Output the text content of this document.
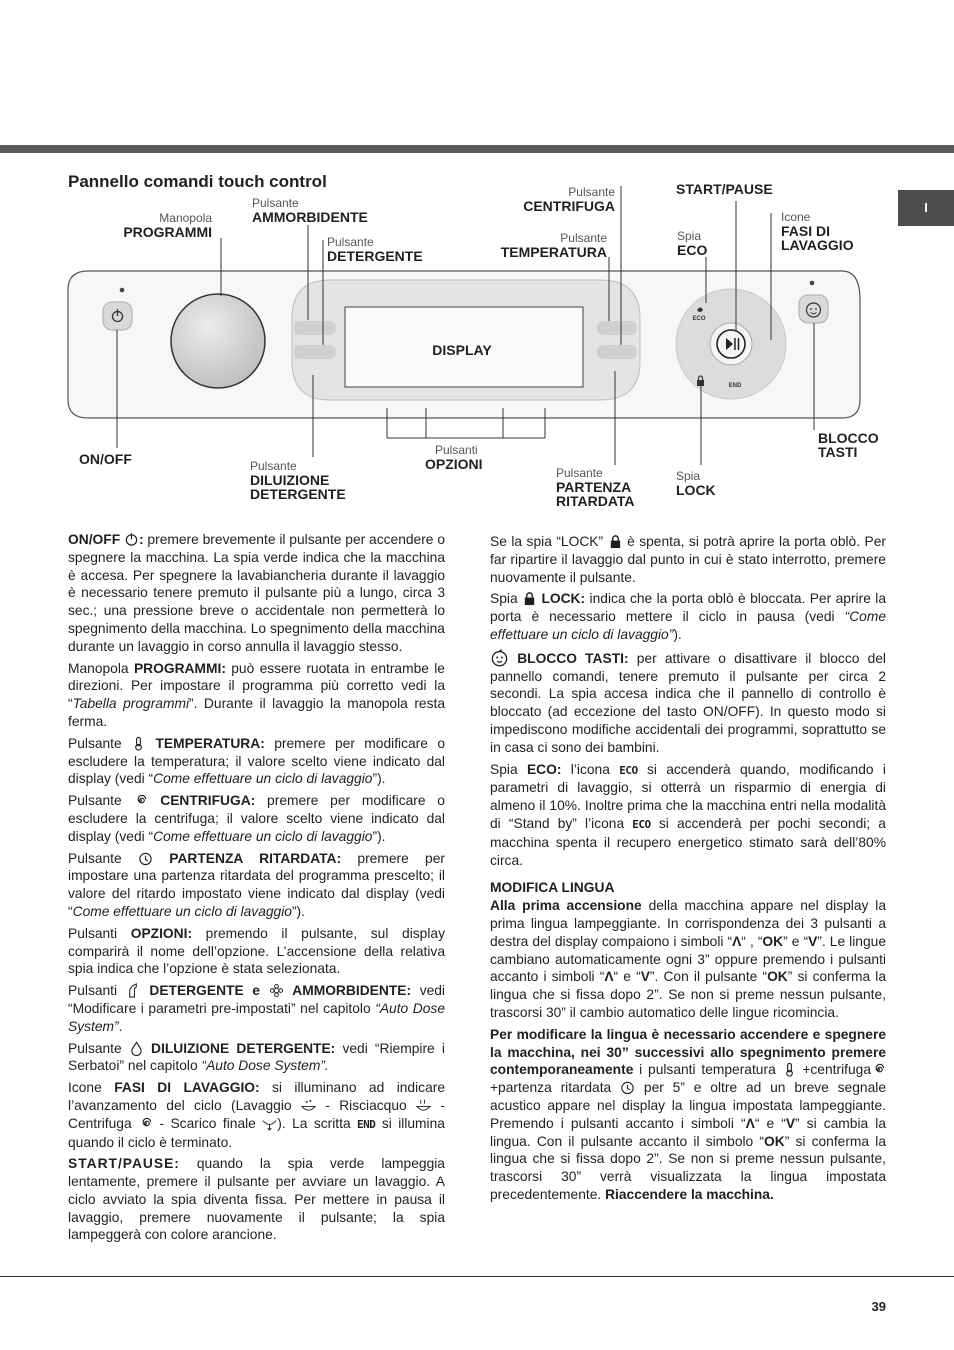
I
Pannello comandi touch control
Manopola
PROGRAMMI
Pulsante
AMMORBIDENTE
Pulsante
DETERGENTE
Pulsante
CENTRIFUGA
Pulsante
TEMPERATURA
START/PAUSE
Spia
ECO
Icone
FASI DI
LAVAGGIO
ON/OFF	Pulsante
DILUIZIONE
DETERGENTE
Pulsanti
OPZIONI
Pulsante
PARTENZA
RITARDATA
Spia
LOCK
BLOCCO
TASTI
ECO
END
DISPLAY

ON/OFF : premere brevemente il pulsante per accendere o spegnere la macchina. La spia verde indica che la macchina è accesa. Per spegnere la lavabiancheria durante il lavaggio è necessario tenere premuto il pulsante più a lungo, circa 3 sec.; una pressione breve o accidentale non permetterà lo spegnimento della macchina. Lo spegnimento della macchina durante un lavaggio in corso annulla il lavaggio stesso.

Manopola PROGRAMMI: può essere ruotata in entrambe le direzioni. Per impostare il programma più corretto vedi la “Tabella programmi”. Durante il lavaggio la manopola resta ferma.

Pulsante TEMPERATURA: premere per modificare o escludere la temperatura; il valore scelto viene indicato dal display (vedi “Come effettuare un ciclo di lavaggio”).

Pulsante	CENTRIFUGA: premere per modificare o escludere la centrifuga; il valore scelto viene indicato dal display (vedi “Come effettuare un ciclo di lavaggio”).

Pulsante	PARTENZA RITARDATA: premere per impostare una partenza ritardata del programma prescelto; il valore del ritardo impostato viene indicato dal display (vedi “Come effettuare un ciclo di lavaggio”).

Pulsanti OPZIONI: premendo il pulsante, sul display comparirà il nome dell’opzione. L’accensione della relativa spia indica che l’opzione è stata selezionata.

Pulsanti DETERGENTE e AMMORBIDENTE: vedi “Modificare i parametri pre-impostati” nel capitolo “Auto Dose System”.

Pulsante DILUIZIONE DETERGENTE: vedi “Riempire i Serbatoi” nel capitolo “Auto Dose System”.

Icone FASI DI LAVAGGIO: si illuminano ad indicare l’avanzamento del ciclo (Lavaggio - Risciacquo - Centrifuga - Scarico finale ). La scritta END si illumina quando il ciclo è terminato.

START/PAUSE: quando la spia verde lampeggia lentamente, premere il pulsante per avviare un lavaggio. A ciclo avviato la spia diventa fissa. Per mettere in pausa il lavaggio, premere nuovamente il pulsante; la spia lampeggerà con colore arancione.

Se la spia “LOCK” è spenta, si potrà aprire la porta oblò. Per far ripartire il lavaggio dal punto in cui è stato interrotto, premere nuovamente il pulsante.

Spia LOCK: indica che la porta oblò è bloccata. Per aprire la porta è necessario mettere il ciclo in pausa (vedi “Come effettuare un ciclo di lavaggio”).

BLOCCO TASTI: per attivare o disattivare il blocco del pannello comandi, tenere premuto il pulsante per circa 2 secondi. La spia accesa indica che il pannello di controllo è bloccato (ad eccezione del tasto ON/OFF). In questo modo si impediscono modifiche accidentali dei programmi, soprattutto se in casa ci sono dei bambini.

Spia ECO: l’icona ECO si accenderà quando, modificando i parametri di lavaggio, si otterrà un risparmio di energia di almeno il 10%. Inoltre prima che la macchina entri nella modalità di “Stand by” l’icona ECO si accenderà per pochi secondi; a macchina spenta il recupero energetico stimato sarà dell’80% circa.

MODIFICA LINGUA

Alla prima accensione della macchina appare nel display la prima lingua lampeggiante. In corrispondenza dei 3 pulsanti a destra del display compaiono i simboli “Λ“ , “OK” e “V”. Le lingue cambiano automaticamente ogni 3” oppure premendo i pulsanti accanto i simboli “Λ“ e “V”. Con il pulsante “OK” si conferma la lingua che si fissa dopo 2”. Se non si preme nessun pulsante, trascorsi 30” il cambio automatico delle lingue ricomincia.

Per modificare la lingua è necessario accendere e spegnere la macchina, nei 30” successivi allo spegnimento premere contemporaneamente i pulsanti temperatura +centrifuga+partenza ritardata per 5” e oltre ad un breve segnale acustico appare nel display la lingua impostata lampeggiante. Premendo i pulsanti accanto i simboli “Λ“ e “V” si cambia la lingua. Con il pulsante accanto il simbolo “OK” si conferma la lingua che si fissa dopo 2”. Se non si preme nessun pulsante, trascorsi 30” verrà visualizzata la lingua impostata precedentemente. Riaccendere la macchina.

39
